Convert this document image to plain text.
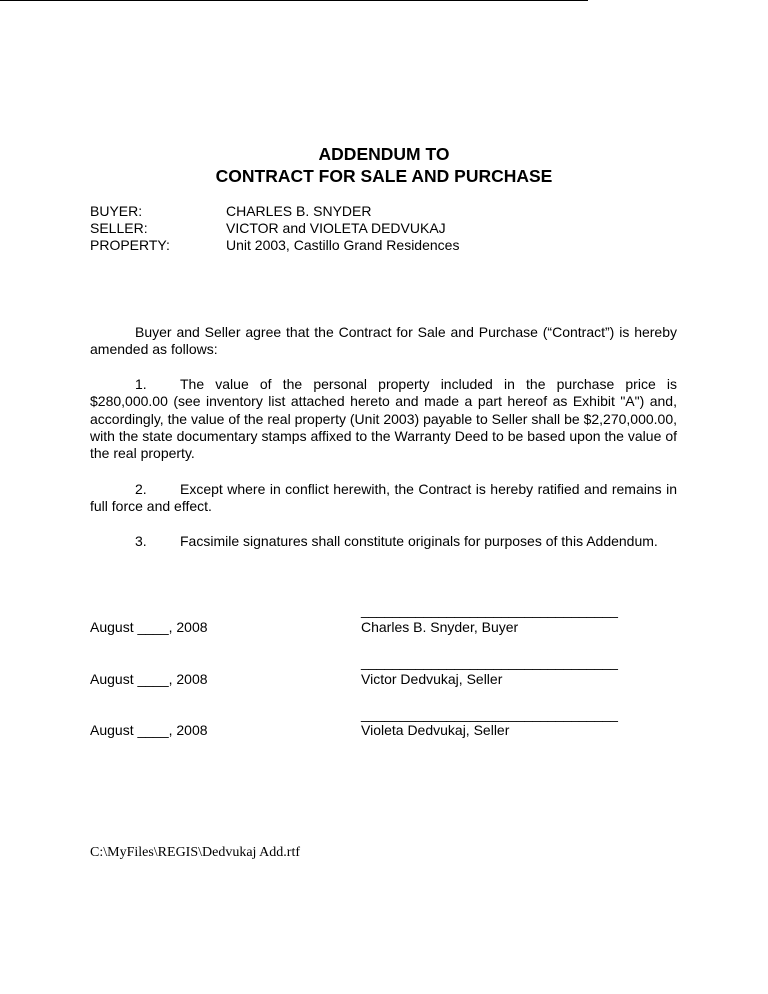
ADDENDUM TO
CONTRACT FOR SALE AND PURCHASE
BUYER:	CHARLES B. SNYDER
SELLER:	VICTOR and VIOLETA DEDVUKAJ
PROPERTY:	Unit 2003, Castillo Grand Residences
Buyer and Seller agree that the Contract for Sale and Purchase (“Contract”) is hereby amended as follows:
1. The value of the personal property included in the purchase price is $280,000.00 (see inventory list attached hereto and made a part hereof as Exhibit "A") and, accordingly, the value of the real property (Unit 2003) payable to Seller shall be $2,270,000.00, with the state documentary stamps affixed to the Warranty Deed to be based upon the value of the real property.
2. Except where in conflict herewith, the Contract is hereby ratified and remains in full force and effect.
3. Facsimile signatures shall constitute originals for purposes of this Addendum.
_________________________________
August ____, 2008	Charles B. Snyder, Buyer
_________________________________
August ____, 2008	Victor Dedvukaj, Seller
_________________________________
August ____, 2008	Violeta Dedvukaj, Seller
C:\MyFiles\REGIS\Dedvukaj Add.rtf
